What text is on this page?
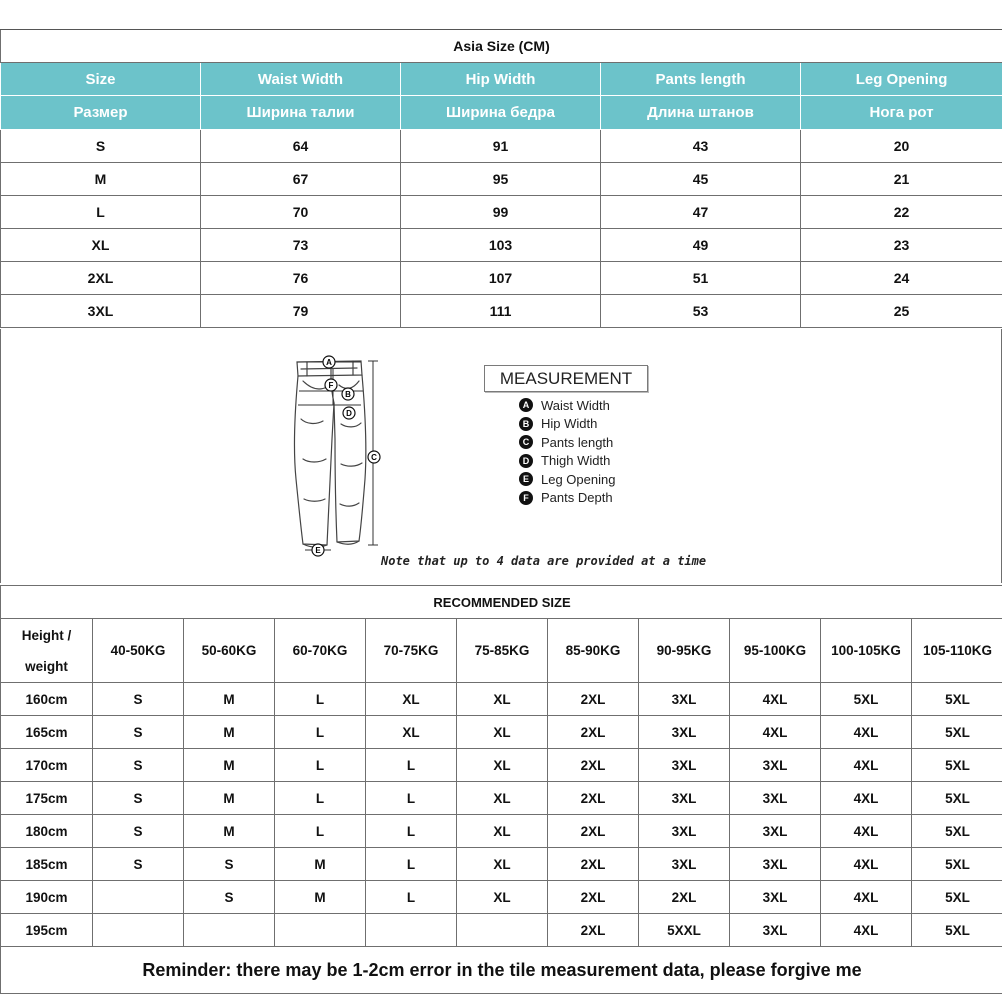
Asia Size (CM)				
Size	Waist Width	Hip Width	Pants length	Leg Opening
Размер	Ширина талии	Ширина бедра	Длина штанов	Нога рот
S	64	91	43	20
M	67	95	45	21
L	70	99	47	22
XL	73	103	49	23
2XL	76	107	51	24
3XL	79	111	53	25
A
B
C
D
E
F	MEASUREMENT
A Waist Width
B Hip Width
C Pants length
D Thigh Width
E Leg Opening
F Pants Depth
Note that up to 4 data are provided at a time
RECOMMENDED SIZE										
Height / weight	40-50KG	50-60KG	60-70KG	70-75KG	75-85KG	85-90KG	90-95KG	95-100KG	100-105KG	105-110KG
160cm	S	M	L	XL	XL	2XL	3XL	4XL	5XL	5XL
165cm	S	M	L	XL	XL	2XL	3XL	4XL	4XL	5XL
170cm	S	M	L	L	XL	2XL	3XL	3XL	4XL	5XL
175cm	S	M	L	L	XL	2XL	3XL	3XL	4XL	5XL
180cm	S	M	L	L	XL	2XL	3XL	3XL	4XL	5XL
185cm	S	S	M	L	XL	2XL	3XL	3XL	4XL	5XL
190cm		S	M	L	XL	2XL	2XL	3XL	4XL	5XL
195cm						2XL	5XXL	3XL	4XL	5XL
Reminder: there may be 1-2cm error in the tile measurement data, please forgive me										
